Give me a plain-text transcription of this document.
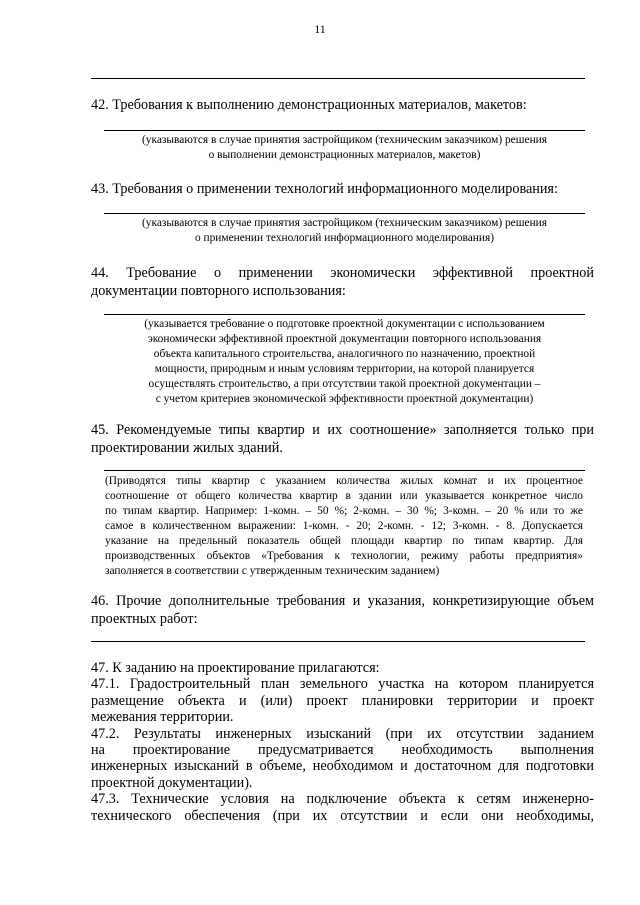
11
42. Требования к выполнению демонстрационных материалов, макетов:
(указываются в случае принятия застройщиком (техническим заказчиком) решения
о выполнении демонстрационных материалов, макетов)
43. Требования о применении технологий информационного моделирования:
(указываются в случае принятия застройщиком (техническим заказчиком) решения
о применении технологий информационного моделирования)
44. Требование о применении экономически эффективной проектной
документации повторного использования:
(указывается требование о подготовке проектной документации с использованием
экономически эффективной проектной документации повторного использования
объекта капитального строительства, аналогичного по назначению, проектной
мощности, природным и иным условиям территории, на которой планируется
осуществлять строительство, а при отсутствии такой проектной документации –
с учетом критериев экономической эффективности проектной документации)
45. Рекомендуемые типы квартир и их соотношение» заполняется только при
проектировании жилых зданий.
(Приводятся типы квартир с указанием количества жилых комнат и их процентное
соотношение от общего количества квартир в здании или указывается конкретное число
по типам квартир. Например: 1-комн. – 50 %; 2-комн. – 30 %; 3-комн. – 20 % или то же
самое в количественном выражении: 1-комн. - 20; 2-комн. - 12; 3-комн. - 8. Допускается
указание на предельный показатель общей площади квартир по типам квартир. Для
производственных объектов «Требования к технологии, режиму работы предприятия»
заполняется в соответствии с утвержденным техническим заданием)
46. Прочие дополнительные требования и указания, конкретизирующие объем
проектных работ:
47. К заданию на проектирование прилагаются:
47.1. Градостроительный план земельного участка на котором планируется
размещение объекта и (или) проект планировки территории и проект
межевания территории.
47.2. Результаты инженерных изысканий (при их отсутствии заданием
на проектирование предусматривается необходимость выполнения
инженерных изысканий в объеме, необходимом и достаточном для подготовки
проектной документации).
47.3. Технические условия на подключение объекта к сетям инженерно-
технического обеспечения (при их отсутствии и если они необходимы,
